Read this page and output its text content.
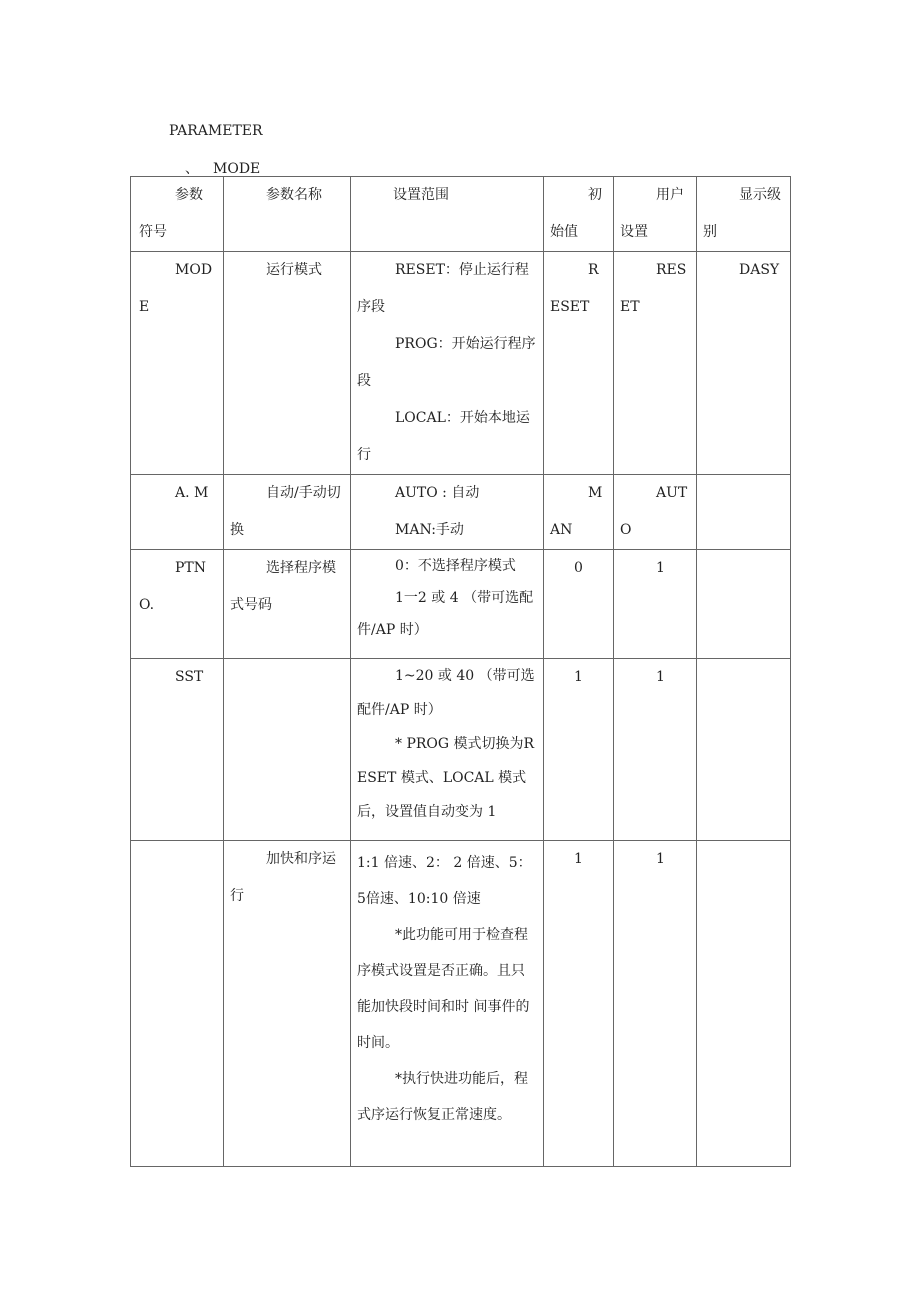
PARAMETER
、 MODE
参数符号	参数名称	设置范围	初始值	用户设置	显示级别

MODE	运行模式	RESET：停止运行程序段

PROG：开始运行程序段

LOCAL：开始本地运行	RESET	RESET	DASY

A. M	自动/手动切换	AUTO : 自动

MAN:手动	MAN	AUTO	

PTNO.	选择程序模式号码	0：不选择程序模式

1一2 或 4 （带可选配件/AP 时）	0	1	

SST		1~20 或 40 （带可选配件/AP 时）

* PROG 模式切换为RESET 模式、LOCAL 模式后，设置值自动变为 1	1	1	

	加快和序运行	1:1 倍速、2： 2 倍速、5： 5倍速、10:10 倍速

*此功能可用于检查程序模式设置是否正确。且只能加快段时间和时 间事件的时间。

*执行快进功能后，程式序运行恢复正常速度。	1	1	
